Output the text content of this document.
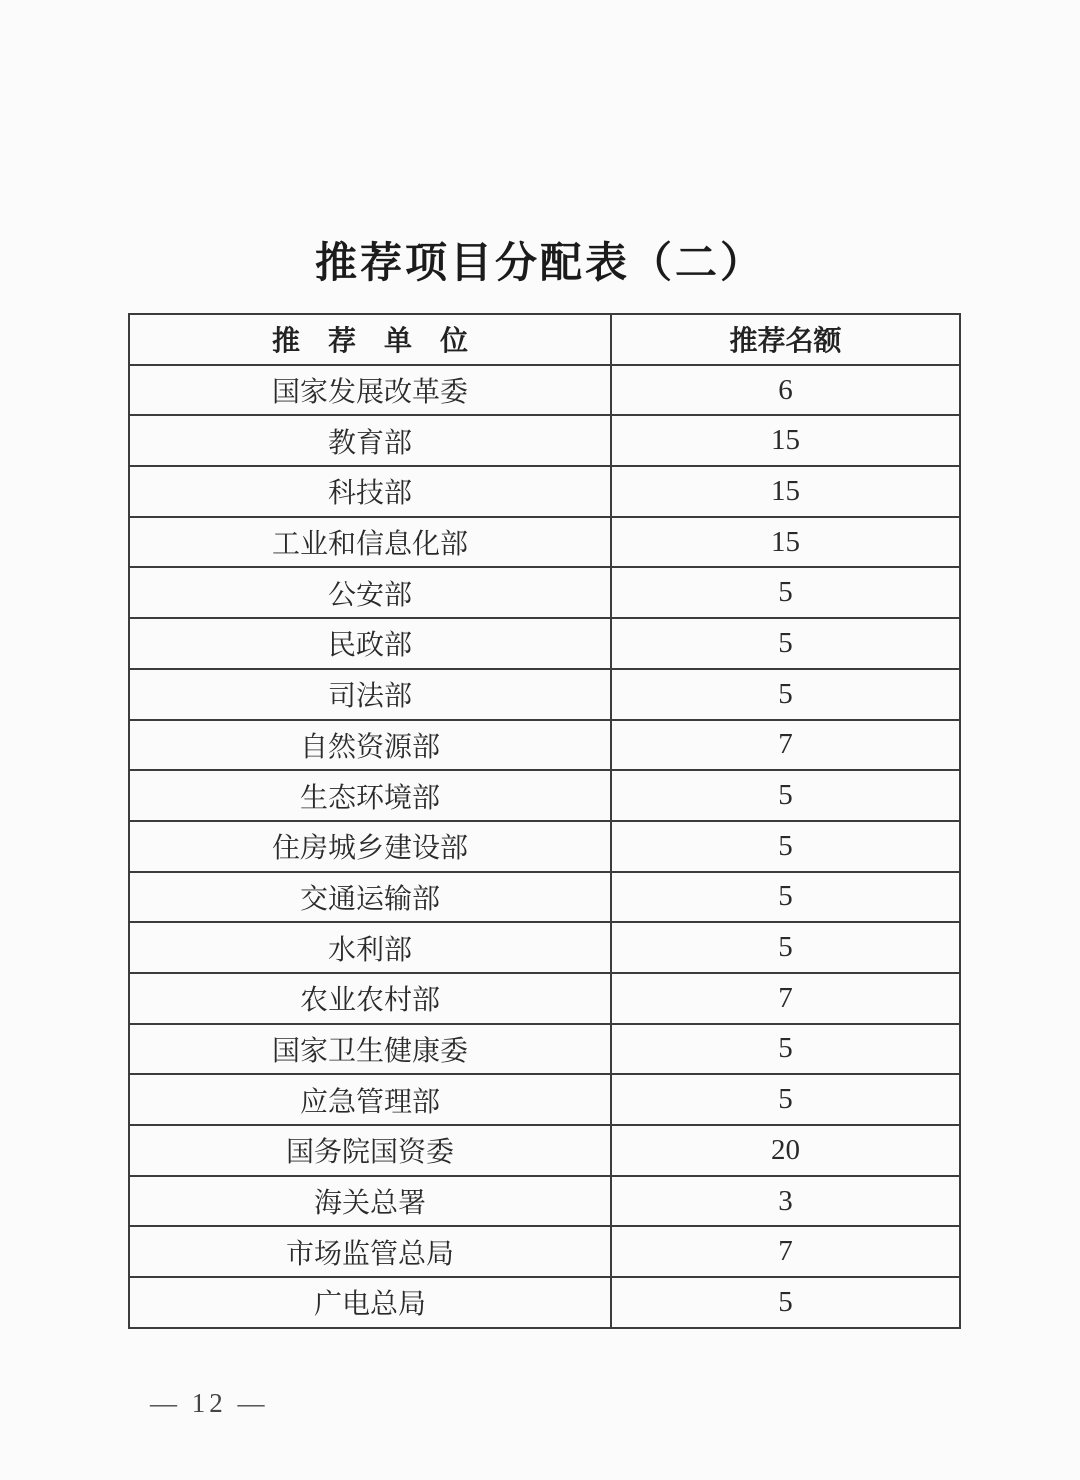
推荐项目分配表（二）
推　荐　单　位	推荐名额
国家发展改革委	6
教育部	15
科技部	15
工业和信息化部	15
公安部	5
民政部	5
司法部	5
自然资源部	7
生态环境部	5
住房城乡建设部	5
交通运输部	5
水利部	5
农业农村部	7
国家卫生健康委	5
应急管理部	5
国务院国资委	20
海关总署	3
市场监管总局	7
广电总局	5
— 12 —
